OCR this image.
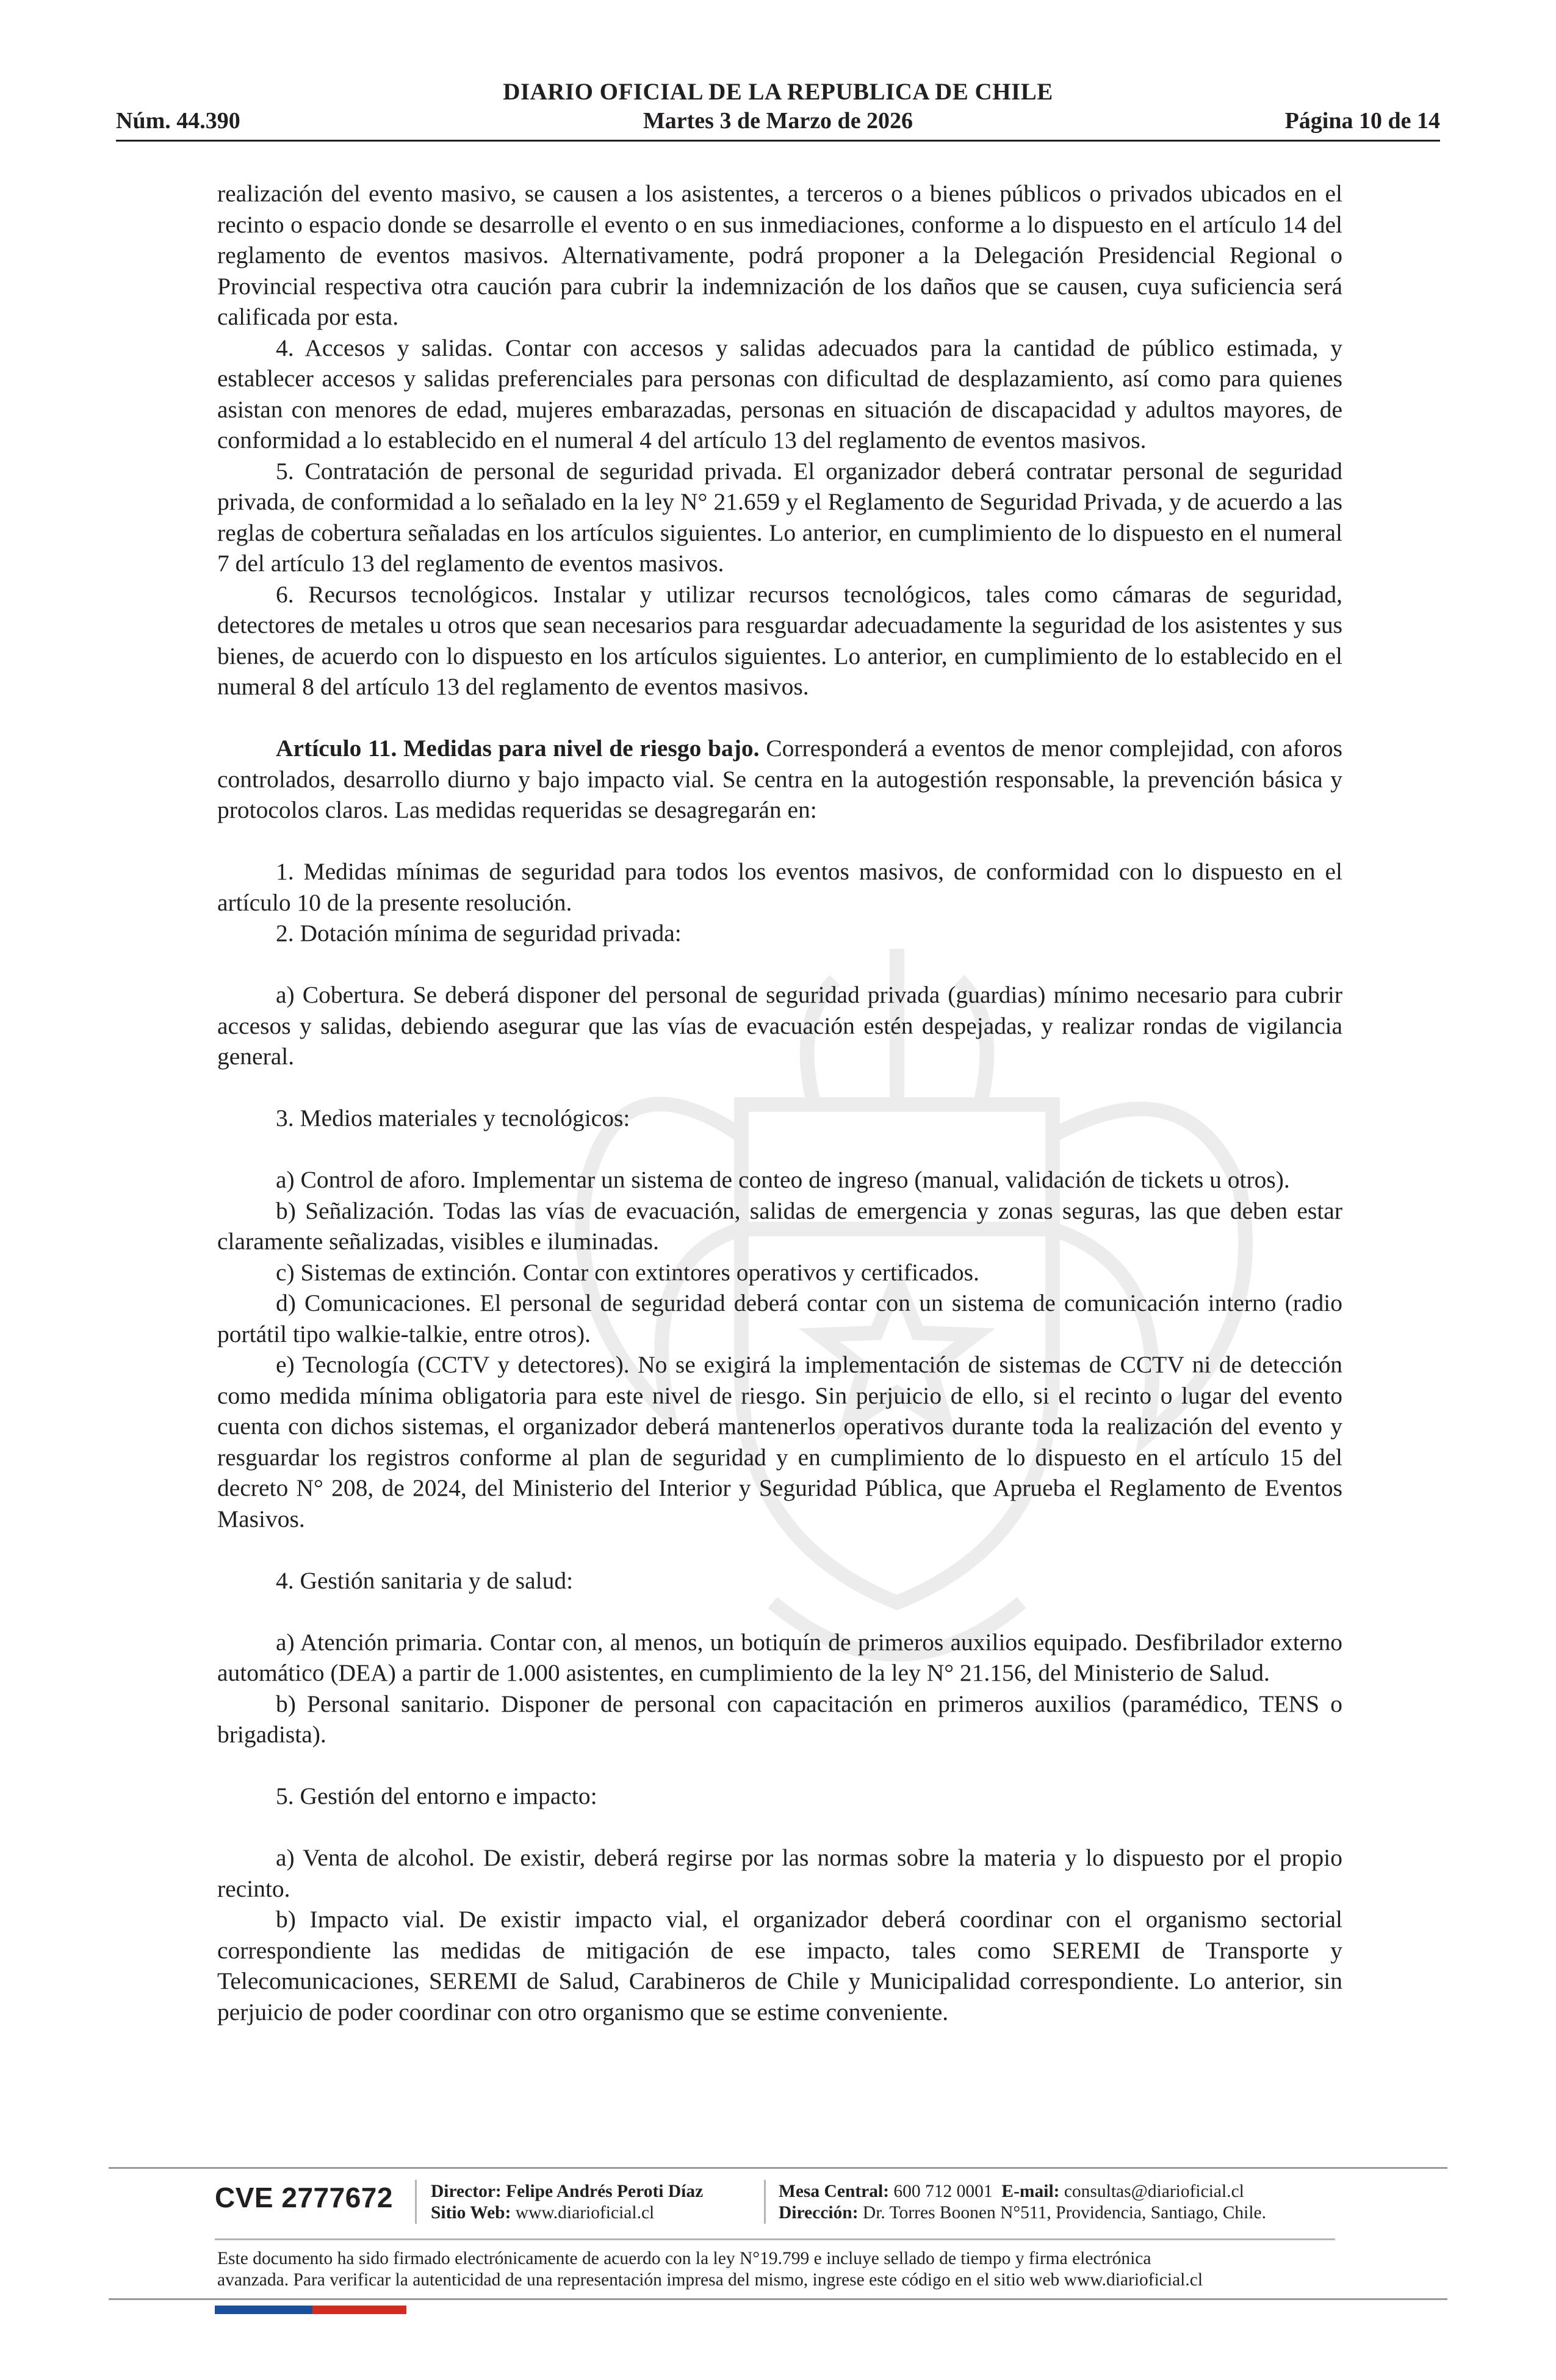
DIARIO OFICIAL DE LA REPUBLICA DE CHILE
Núm. 44.390	Martes 3 de Marzo de 2026	Página 10 de 14

realización del evento masivo, se causen a los asistentes, a terceros o a bienes públicos o privados ubicados en el recinto o espacio donde se desarrolle el evento o en sus inmediaciones, conforme a lo dispuesto en el artículo 14 del reglamento de eventos masivos. Alternativamente, podrá proponer a la Delegación Presidencial Regional o Provincial respectiva otra caución para cubrir la indemnización de los daños que se causen, cuya suficiencia será calificada por esta.

4. Accesos y salidas. Contar con accesos y salidas adecuados para la cantidad de público estimada, y establecer accesos y salidas preferenciales para personas con dificultad de desplazamiento, así como para quienes asistan con menores de edad, mujeres embarazadas, personas en situación de discapacidad y adultos mayores, de conformidad a lo establecido en el numeral 4 del artículo 13 del reglamento de eventos masivos.

5. Contratación de personal de seguridad privada. El organizador deberá contratar personal de seguridad privada, de conformidad a lo señalado en la ley N° 21.659 y el Reglamento de Seguridad Privada, y de acuerdo a las reglas de cobertura señaladas en los artículos siguientes. Lo anterior, en cumplimiento de lo dispuesto en el numeral 7 del artículo 13 del reglamento de eventos masivos.

6. Recursos tecnológicos. Instalar y utilizar recursos tecnológicos, tales como cámaras de seguridad, detectores de metales u otros que sean necesarios para resguardar adecuadamente la seguridad de los asistentes y sus bienes, de acuerdo con lo dispuesto en los artículos siguientes. Lo anterior, en cumplimiento de lo establecido en el numeral 8 del artículo 13 del reglamento de eventos masivos.

Artículo 11. Medidas para nivel de riesgo bajo. Corresponderá a eventos de menor complejidad, con aforos controlados, desarrollo diurno y bajo impacto vial. Se centra en la autogestión responsable, la prevención básica y protocolos claros. Las medidas requeridas se desagregarán en:

1. Medidas mínimas de seguridad para todos los eventos masivos, de conformidad con lo dispuesto en el artículo 10 de la presente resolución.

2. Dotación mínima de seguridad privada:

a) Cobertura. Se deberá disponer del personal de seguridad privada (guardias) mínimo necesario para cubrir accesos y salidas, debiendo asegurar que las vías de evacuación estén despejadas, y realizar rondas de vigilancia general.

3. Medios materiales y tecnológicos:

a) Control de aforo. Implementar un sistema de conteo de ingreso (manual, validación de tickets u otros).

b) Señalización. Todas las vías de evacuación, salidas de emergencia y zonas seguras, las que deben estar claramente señalizadas, visibles e iluminadas.

c) Sistemas de extinción. Contar con extintores operativos y certificados.

d) Comunicaciones. El personal de seguridad deberá contar con un sistema de comunicación interno (radio portátil tipo walkie-talkie, entre otros).

e) Tecnología (CCTV y detectores). No se exigirá la implementación de sistemas de CCTV ni de detección como medida mínima obligatoria para este nivel de riesgo. Sin perjuicio de ello, si el recinto o lugar del evento cuenta con dichos sistemas, el organizador deberá mantenerlos operativos durante toda la realización del evento y resguardar los registros conforme al plan de seguridad y en cumplimiento de lo dispuesto en el artículo 15 del decreto N° 208, de 2024, del Ministerio del Interior y Seguridad Pública, que Aprueba el Reglamento de Eventos Masivos.

4. Gestión sanitaria y de salud:

a) Atención primaria. Contar con, al menos, un botiquín de primeros auxilios equipado. Desfibrilador externo automático (DEA) a partir de 1.000 asistentes, en cumplimiento de la ley N° 21.156, del Ministerio de Salud.

b) Personal sanitario. Disponer de personal con capacitación en primeros auxilios (paramédico, TENS o brigadista).

5. Gestión del entorno e impacto:

a) Venta de alcohol. De existir, deberá regirse por las normas sobre la materia y lo dispuesto por el propio recinto.

b) Impacto vial. De existir impacto vial, el organizador deberá coordinar con el organismo sectorial correspondiente las medidas de mitigación de ese impacto, tales como SEREMI de Transporte y Telecomunicaciones, SEREMI de Salud, Carabineros de Chile y Municipalidad correspondiente. Lo anterior, sin perjuicio de poder coordinar con otro organismo que se estime conveniente.

CVE 2777672 Director: Felipe Andrés Peroti Díaz
Sitio Web: www.diarioficial.cl
Mesa Central: 600 712 0001 E-mail: consultas@diarioficial.cl
Dirección: Dr. Torres Boonen N°511, Providencia, Santiago, Chile.
Este documento ha sido firmado electrónicamente de acuerdo con la ley N°19.799 e incluye sellado de tiempo y firma electrónica
avanzada. Para verificar la autenticidad de una representación impresa del mismo, ingrese este código en el sitio web www.diarioficial.cl
